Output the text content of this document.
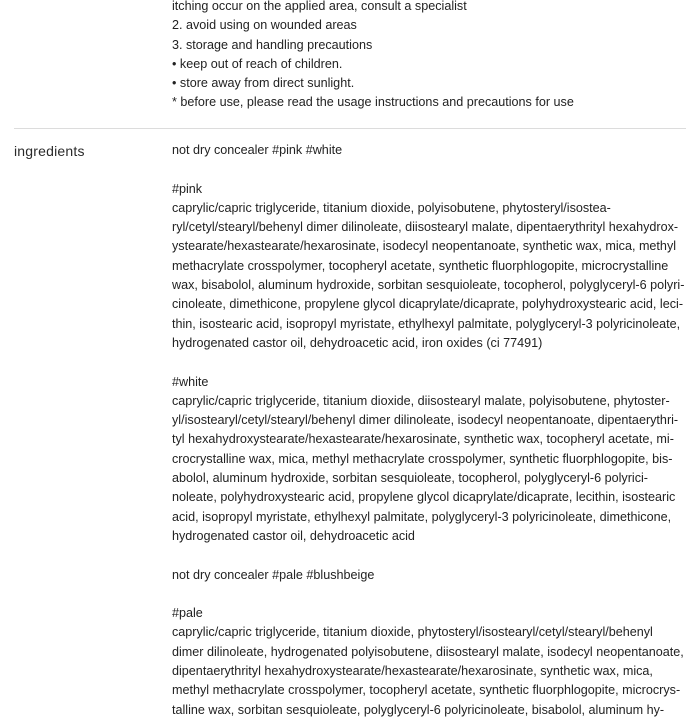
itching occur on the applied area, consult a specialist
2. avoid using on wounded areas
3. storage and handling precautions
• keep out of reach of children.
• store away from direct sunlight.
* before use, please read the usage instructions and precautions for use
ingredients	not dry concealer #pink #white
#pink
caprylic/capric triglyceride, titanium dioxide, polyisobutene, phytosteryl/isostea-
ryl/cetyl/stearyl/behenyl dimer dilinoleate, diisostearyl malate, dipentaerythrityl hexahydrox-
ystearate/hexastearate/hexarosinate, isodecyl neopentanoate, synthetic wax, mica, methyl
methacrylate crosspolymer, tocopheryl acetate, synthetic fluorphlogopite, microcrystalline
wax, bisabolol, aluminum hydroxide, sorbitan sesquioleate, tocopherol, polyglyceryl-6 polyri-
cinoleate, dimethicone, propylene glycol dicaprylate/dicaprate, polyhydroxystearic acid, leci-
thin, isostearic acid, isopropyl myristate, ethylhexyl palmitate, polyglyceryl-3 polyricinoleate,
hydrogenated castor oil, dehydroacetic acid, iron oxides (ci 77491)
#white
caprylic/capric triglyceride, titanium dioxide, diisostearyl malate, polyisobutene, phytoster-
yl/isostearyl/cetyl/stearyl/behenyl dimer dilinoleate, isodecyl neopentanoate, dipentaerythri-
tyl hexahydroxystearate/hexastearate/hexarosinate, synthetic wax, tocopheryl acetate, mi-
crocrystalline wax, mica, methyl methacrylate crosspolymer, synthetic fluorphlogopite, bis-
abolol, aluminum hydroxide, sorbitan sesquioleate, tocopherol, polyglyceryl-6 polyrici-
noleate, polyhydroxystearic acid, propylene glycol dicaprylate/dicaprate, lecithin, isostearic
acid, isopropyl myristate, ethylhexyl palmitate, polyglyceryl-3 polyricinoleate, dimethicone,
hydrogenated castor oil, dehydroacetic acid
not dry concealer #pale #blushbeige
#pale
caprylic/capric triglyceride, titanium dioxide, phytosteryl/isostearyl/cetyl/stearyl/behenyl
dimer dilinoleate, hydrogenated polyisobutene, diisostearyl malate, isodecyl neopentanoate,
dipentaerythrityl hexahydroxystearate/hexastearate/hexarosinate, synthetic wax, mica,
methyl methacrylate crosspolymer, tocopheryl acetate, synthetic fluorphlogopite, microcrys-
talline wax, sorbitan sesquioleate, polyglyceryl-6 polyricinoleate, bisabolol, aluminum hy-
